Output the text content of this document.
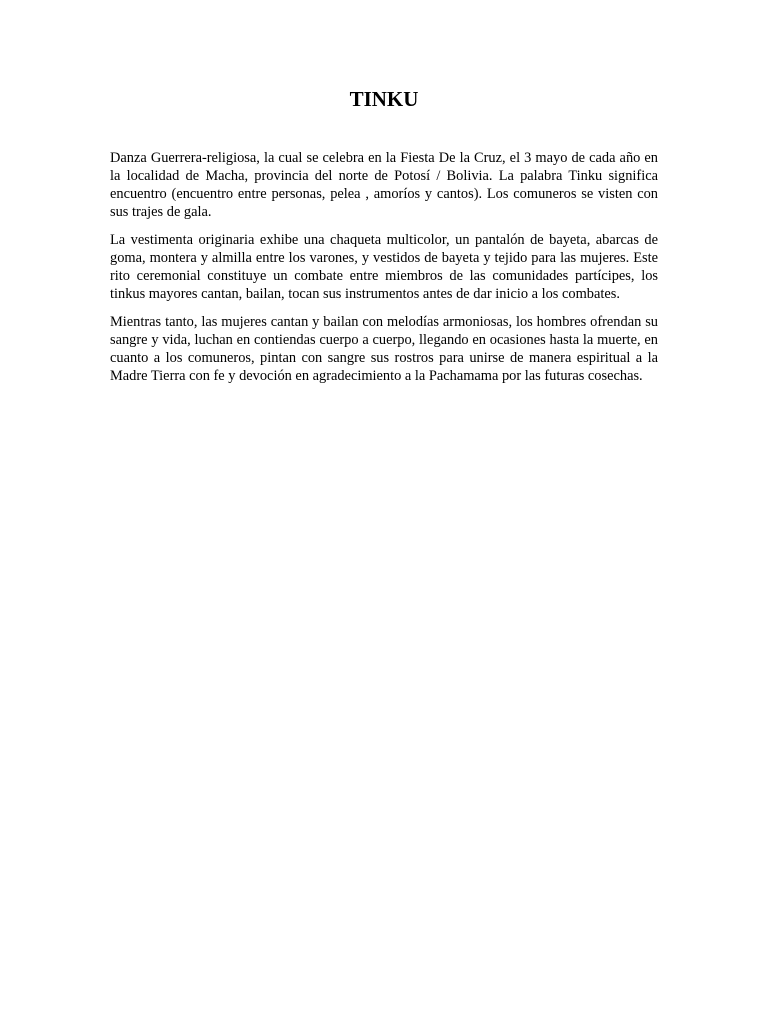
TINKU

Danza Guerrera-religiosa, la cual se celebra en la Fiesta De la Cruz, el 3 mayo de cada año en la localidad de Macha, provincia del norte de Potosí / Bolivia. La palabra Tinku significa encuentro (encuentro entre personas, pelea , amoríos y cantos). Los comuneros se visten con sus trajes de gala.

La vestimenta originaria exhibe una chaqueta multicolor, un pantalón de bayeta, abarcas de goma, montera y almilla entre los varones, y vestidos de bayeta y tejido para las mujeres. Este rito ceremonial constituye un combate entre miembros de las comunidades partícipes, los tinkus mayores cantan, bailan, tocan sus instrumentos antes de dar inicio a los combates.

Mientras tanto, las mujeres cantan y bailan con melodías armoniosas, los hombres ofrendan su sangre y vida, luchan en contiendas cuerpo a cuerpo, llegando en ocasiones hasta la muerte, en cuanto a los comuneros, pintan con sangre sus rostros para unirse de manera espiritual a la Madre Tierra con fe y devoción en agradecimiento a la Pachamama por las futuras cosechas.
